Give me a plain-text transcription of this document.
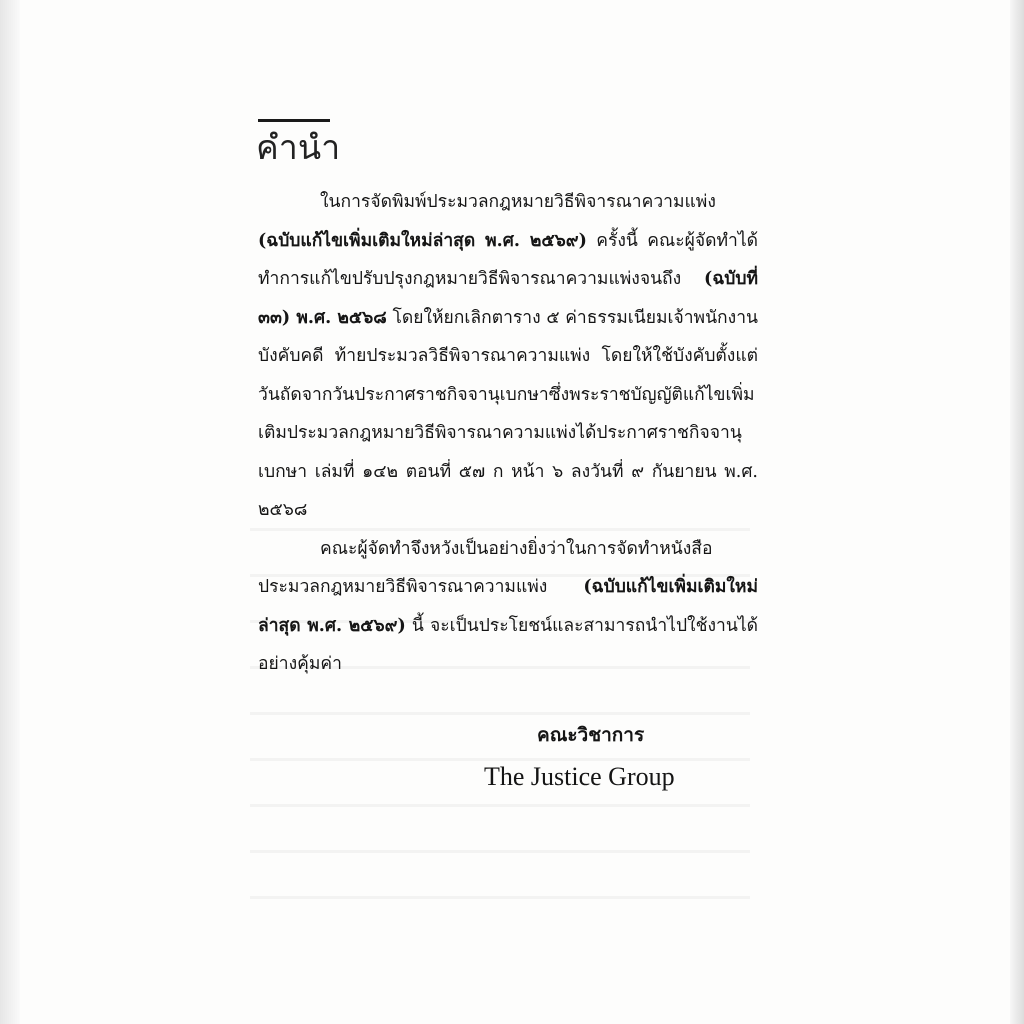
คำนำ

ในการจัดพิมพ์ประมวลกฎหมายวิธีพิจารณาความแพ่ง (ฉบับแก้ไขเพิ่มเติมใหม่ล่าสุด พ.ศ. ๒๕๖๙) ครั้งนี้ คณะผู้จัดทำได้ทำการแก้ไขปรับปรุงกฎหมายวิธีพิจารณาความแพ่งจนถึง (ฉบับที่ ๓๓) พ.ศ. ๒๕๖๘ โดยให้ยกเลิกตาราง ๕ ค่าธรรมเนียมเจ้าพนักงานบังคับคดี ท้ายประมวลวิธีพิจารณาความแพ่ง โดยให้ใช้บังคับตั้งแต่วันถัดจากวันประกาศราชกิจจานุเบกษาซึ่งพระราชบัญญัติแก้ไขเพิ่มเติมประมวลกฎหมายวิธีพิจารณาความแพ่งได้ประกาศราชกิจจานุเบกษา เล่มที่ ๑๔๒ ตอนที่ ๕๗ ก หน้า ๖ ลงวันที่ ๙ กันยายน พ.ศ. ๒๕๖๘

คณะผู้จัดทำจึงหวังเป็นอย่างยิ่งว่าในการจัดทำหนังสือประมวลกฎหมายวิธีพิจารณาความแพ่ง (ฉบับแก้ไขเพิ่มเติมใหม่ล่าสุด พ.ศ. ๒๕๖๙) นี้ จะเป็นประโยชน์และสามารถนำไปใช้งานได้อย่างคุ้มค่า

คณะวิชาการ
The Justice Group
